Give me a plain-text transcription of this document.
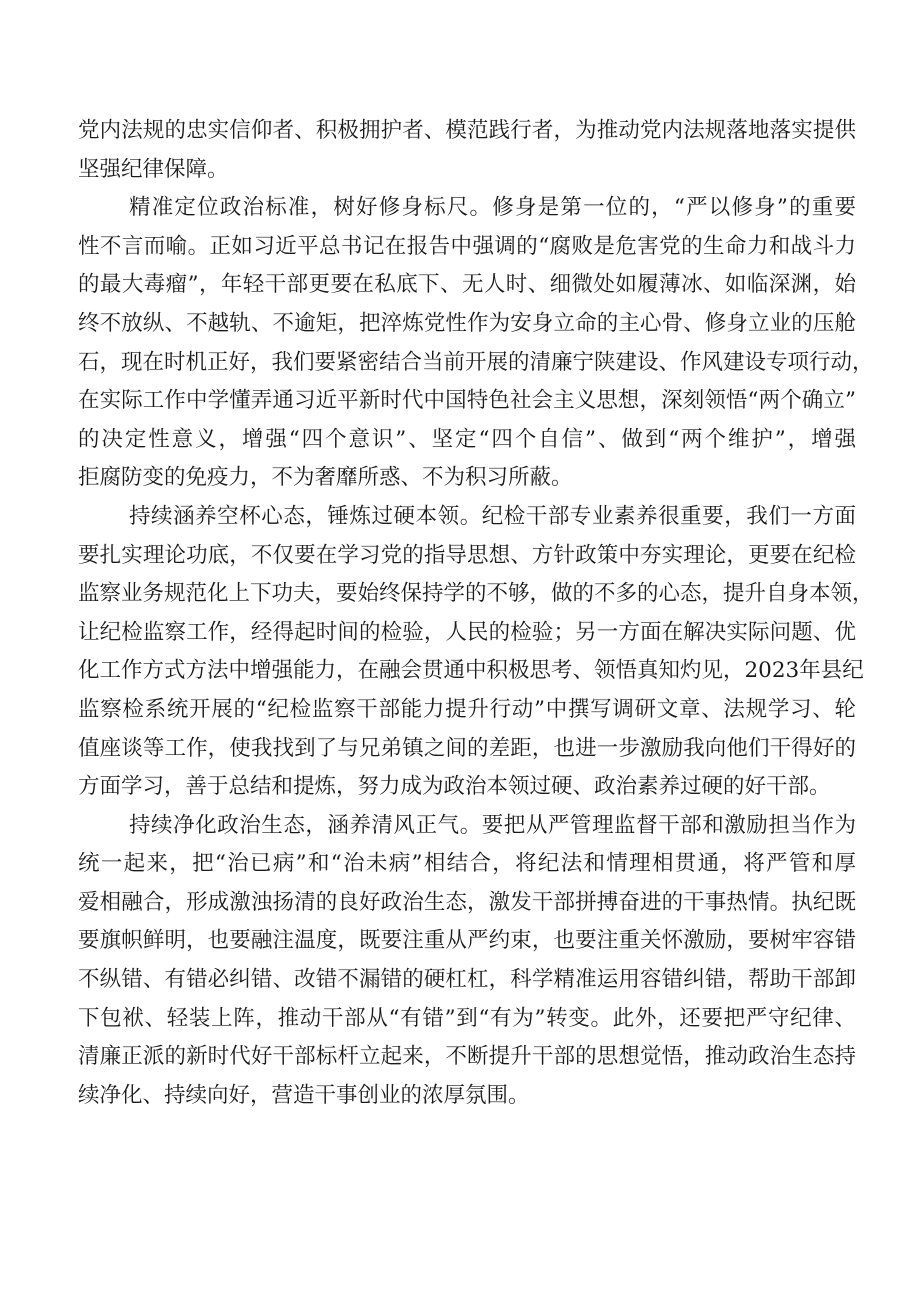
党内法规的忠实信仰者、积极拥护者、模范践行者，为推动党内法规落地落实提供
坚强纪律保障。
精准定位政治标准，树好修身标尺。修身是第一位的，“严以修身”的重要
性不言而喻。正如习近平总书记在报告中强调的“腐败是危害党的生命力和战斗力
的最大毒瘤”，年轻干部更要在私底下、无人时、细微处如履薄冰、如临深渊，始
终不放纵、不越轨、不逾矩，把淬炼党性作为安身立命的主心骨、修身立业的压舱
石，现在时机正好，我们要紧密结合当前开展的清廉宁陕建设、作风建设专项行动，
在实际工作中学懂弄通习近平新时代中国特色社会主义思想，深刻领悟“两个确立”
的决定性意义，增强“四个意识”、坚定“四个自信”、做到“两个维护”，增强
拒腐防变的免疫力，不为奢靡所惑、不为积习所蔽。
持续涵养空杯心态，锤炼过硬本领。纪检干部专业素养很重要，我们一方面
要扎实理论功底，不仅要在学习党的指导思想、方针政策中夯实理论，更要在纪检
监察业务规范化上下功夫，要始终保持学的不够，做的不多的心态，提升自身本领，
让纪检监察工作，经得起时间的检验，人民的检验；另一方面在解决实际问题、优
化工作方式方法中增强能力，在融会贯通中积极思考、领悟真知灼见，2023年县纪
监察检系统开展的“纪检监察干部能力提升行动”中撰写调研文章、法规学习、轮
值座谈等工作，使我找到了与兄弟镇之间的差距，也进一步激励我向他们干得好的
方面学习，善于总结和提炼，努力成为政治本领过硬、政治素养过硬的好干部。
持续净化政治生态，涵养清风正气。要把从严管理监督干部和激励担当作为
统一起来，把“治已病”和“治未病”相结合，将纪法和情理相贯通，将严管和厚
爱相融合，形成激浊扬清的良好政治生态，激发干部拼搏奋进的干事热情。执纪既
要旗帜鲜明，也要融注温度，既要注重从严约束，也要注重关怀激励，要树牢容错
不纵错、有错必纠错、改错不漏错的硬杠杠，科学精准运用容错纠错，帮助干部卸
下包袱、轻装上阵，推动干部从“有错”到“有为”转变。此外，还要把严守纪律、
清廉正派的新时代好干部标杆立起来，不断提升干部的思想觉悟，推动政治生态持
续净化、持续向好，营造干事创业的浓厚氛围。
